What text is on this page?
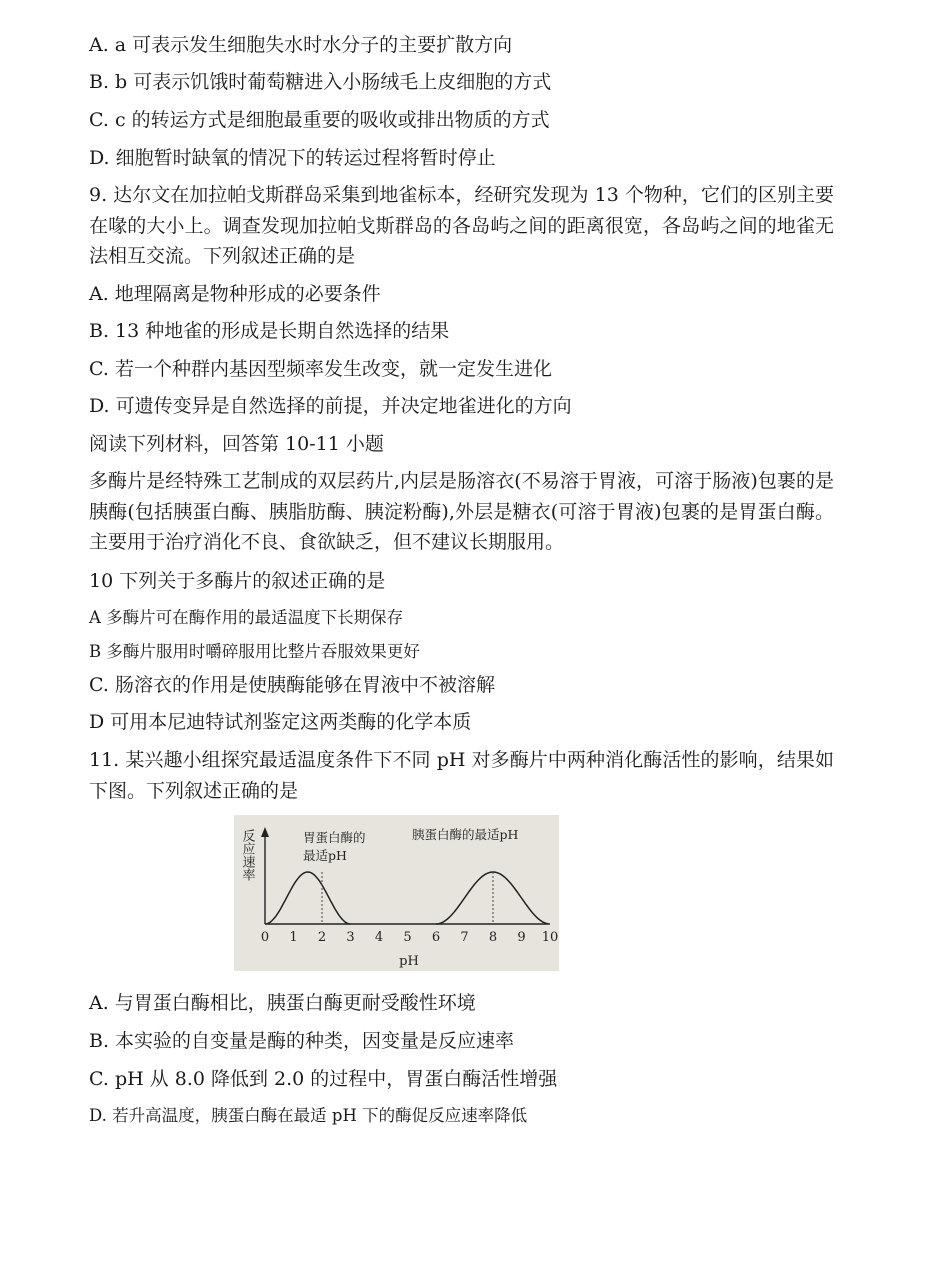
A. a 可表示发生细胞失水时水分子的主要扩散方向

B. b 可表示饥饿时葡萄糖进入小肠绒毛上皮细胞的方式

C. c 的转运方式是细胞最重要的吸收或排出物质的方式

D. 细胞暂时缺氧的情况下的转运过程将暂时停止

9. 达尔文在加拉帕戈斯群岛采集到地雀标本，经研究发现为 13 个物种，它们的区别主要在喙的大小上。调查发现加拉帕戈斯群岛的各岛屿之间的距离很宽，各岛屿之间的地雀无法相互交流。下列叙述正确的是

A. 地理隔离是物种形成的必要条件

B. 13 种地雀的形成是长期自然选择的结果

C. 若一个种群内基因型频率发生改变，就一定发生进化

D. 可遗传变异是自然选择的前提，并决定地雀进化的方向

阅读下列材料，回答第 10-11 小题

多酶片是经特殊工艺制成的双层药片,内层是肠溶衣(不易溶于胃液，可溶于肠液)包裹的是胰酶(包括胰蛋白酶、胰脂肪酶、胰淀粉酶),外层是糖衣(可溶于胃液)包裹的是胃蛋白酶。主要用于治疗消化不良、食欲缺乏，但不建议长期服用。

10 下列关于多酶片的叙述正确的是

A 多酶片可在酶作用的最适温度下长期保存

B 多酶片服用时嚼碎服用比整片吞服效果更好

C. 肠溶衣的作用是使胰酶能够在胃液中不被溶解

D 可用本尼迪特试剂鉴定这两类酶的化学本质

11. 某兴趣小组探究最适温度条件下不同 pH 对多酶片中两种消化酶活性的影响，结果如下图。下列叙述正确的是

反应速率	胃蛋白酶的
最适pH
胰蛋白酶的最适pH
0 1 2 3 4 5 6 7 8 9 10
pH

A. 与胃蛋白酶相比，胰蛋白酶更耐受酸性环境

B. 本实验的自变量是酶的种类，因变量是反应速率

C. pH 从 8.0 降低到 2.0 的过程中，胃蛋白酶活性增强

D. 若升高温度，胰蛋白酶在最适 pH 下的酶促反应速率降低
